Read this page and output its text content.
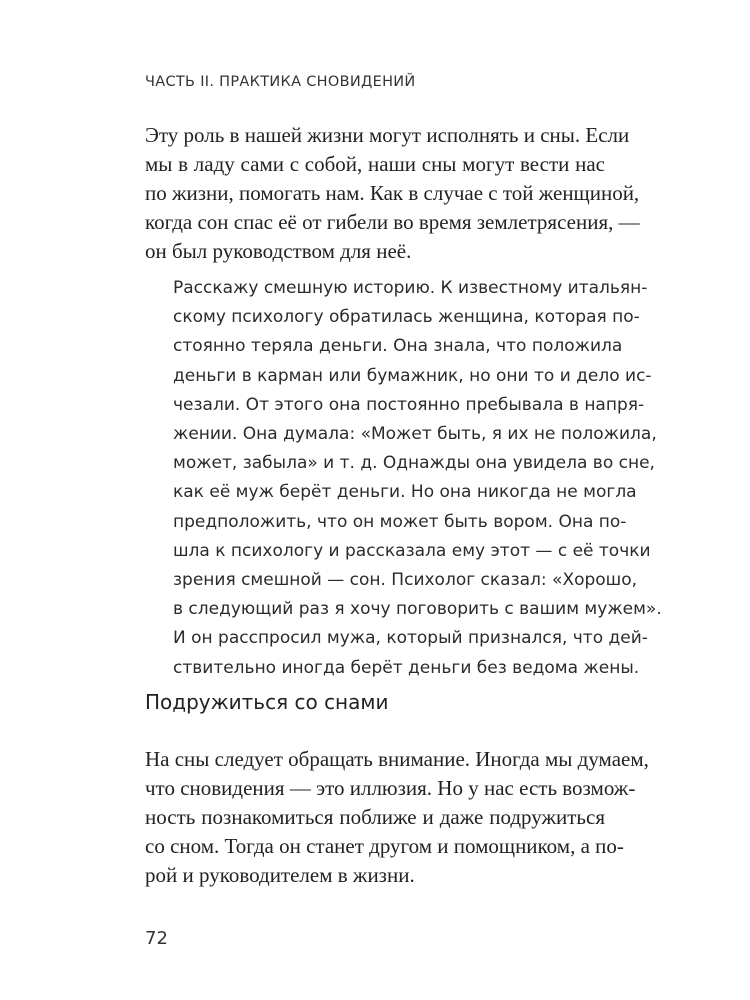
ЧАСТЬ II. ПРАКТИКА СНОВИДЕНИЙ
Эту роль в нашей жизни могут исполнять и сны. Если
мы в ладу сами с собой, наши сны могут вести нас
по жизни, помогать нам. Как в случае с той женщиной,
когда сон спас её от гибели во время землетрясения, —
он был руководством для неё.
Расскажу смешную историю. К известному итальян-
скому психологу обратилась женщина, которая по-
стоянно теряла деньги. Она знала, что положила
деньги в карман или бумажник, но они то и дело ис-
чезали. От этого она постоянно пребывала в напря-
жении. Она думала: «Может быть, я их не положила,
может, забыла» и т. д. Однажды она увидела во сне,
как её муж берёт деньги. Но она никогда не могла
предположить, что он может быть вором. Она по-
шла к психологу и рассказала ему этот — с её точки
зрения смешной — сон. Психолог сказал: «Хорошо,
в следующий раз я хочу поговорить с вашим мужем».
И он расспросил мужа, который признался, что дей-
ствительно иногда берёт деньги без ведома жены.
Подружиться со снами
На сны следует обращать внимание. Иногда мы думаем,
что сновидения — это иллюзия. Но у нас есть возмож-
ность познакомиться поближе и даже подружиться
со сном. Тогда он станет другом и помощником, а по-
рой и руководителем в жизни.
72
